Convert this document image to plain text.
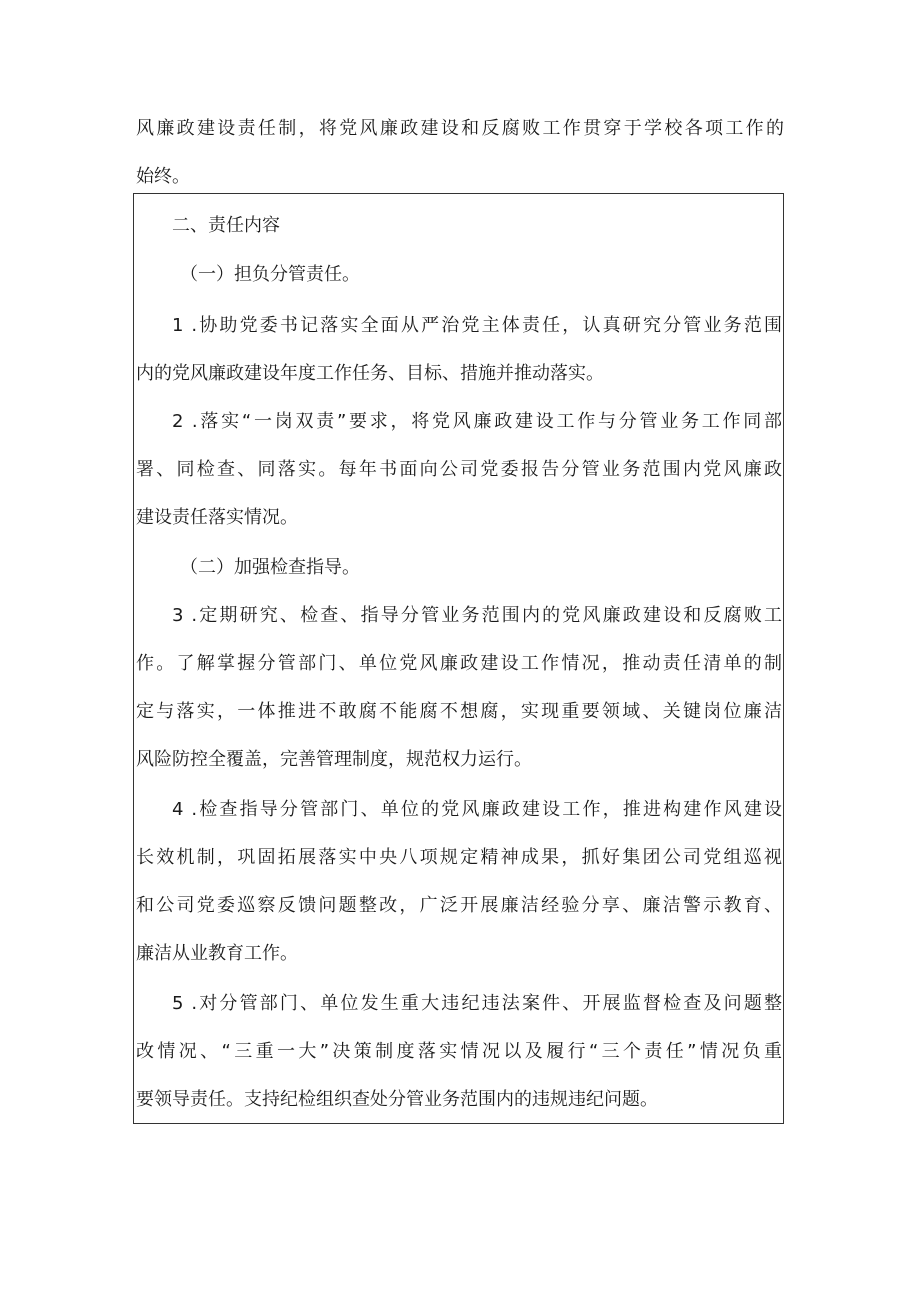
风廉政建设责任制，将党风廉政建设和反腐败工作贯穿于学校各项工作的
始终。
二、责任内容
（一）担负分管责任。
1 .协助党委书记落实全面从严治党主体责任，认真研究分管业务范围
内的党风廉政建设年度工作任务、目标、措施并推动落实。
2 .落实“一岗双责”要求，将党风廉政建设工作与分管业务工作同部
署、同检查、同落实。每年书面向公司党委报告分管业务范围内党风廉政
建设责任落实情况。
（二）加强检查指导。
3 .定期研究、检查、指导分管业务范围内的党风廉政建设和反腐败工
作。了解掌握分管部门、单位党风廉政建设工作情况，推动责任清单的制
定与落实，一体推进不敢腐不能腐不想腐，实现重要领域、关键岗位廉洁
风险防控全覆盖，完善管理制度，规范权力运行。
4 .检查指导分管部门、单位的党风廉政建设工作，推进构建作风建设
长效机制，巩固拓展落实中央八项规定精神成果，抓好集团公司党组巡视
和公司党委巡察反馈问题整改，广泛开展廉洁经验分享、廉洁警示教育、
廉洁从业教育工作。
5 .对分管部门、单位发生重大违纪违法案件、开展监督检查及问题整
改情况、“三重一大”决策制度落实情况以及履行“三个责任”情况负重
要领导责任。支持纪检组织查处分管业务范围内的违规违纪问题。
